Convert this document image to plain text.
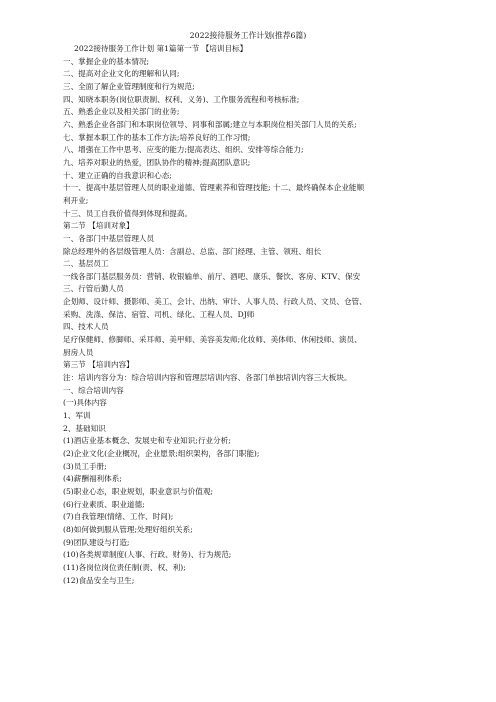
2022接待服务工作计划(推荐6篇)

2022接待服务工作计划 第1篇第一节 【培训目标】

一、掌握企业的基本情况;

二、提高对企业文化的理解和认同;

三、全面了解企业管理制度和行为规范;

四、知晓本职务(岗位职责制、权利、义务)、工作服务流程和考核标准;

五、熟悉企业以及相关部门的业务;

六、熟悉企业各部门和本职岗位领导、同事和部属;建立与本职岗位相关部门人员的关系;

七、掌握本职工作的基本工作方法;培养良好的工作习惯;

八、增强在工作中思考、应变的能力;提高表达、组织、安排等综合能力;

九、培养对职业的热爱，团队协作的精神;提高团队意识;

十、建立正确的自我意识和心态;

十一、提高中基层管理人员的职业道德、管理素养和管理技能; 十二、最终确保本企业能顺

利开业;

十三、员工自我价值得到体现和提高。

第二节 【培训对象】

一、各部门中基层管理人员

除总经理外的各层级管理人员：含副总、总监、部门经理、主管、领班、组长

二、基层员工

一线各部门基层服务员：营销、收银输单、前厅、酒吧、康乐、餐饮、客房、KTV、保安

三、行管后勤人员

企划师、设计师、摄影师、美工、会计、出纳、审计、人事人员、行政人员、文员、仓管、

采购、洗涤、保洁、宿管、司机、绿化、工程人员、DJ师

四、技术人员

足疗保健师、修脚师、采耳师、美甲师、美容美发师;化妆师、美体师、休闲技师、演员、

厨房人员

第三节 【培训内容】

注：培训内容分为：综合培训内容和管理层培训内容、各部门单独培训内容三大板块。

一、综合培训内容

(一)具体内容

1、军训

2、基础知识

(1)酒店业基本概念、发展史和专业知识;行业分析;

(2)企业文化(企业概况，企业愿景;组织架构，各部门职能);

(3)员工手册;

(4)薪酬福利体系;

(5)职业心态，职业规划，职业意识与价值观;

(6)行业素质、职业道德;

(7)自我管理(情绪、工作、时间);

(8)如何做到服从管理;处理好组织关系;

(9)团队建设与打造;

(10)各类规章制度(人事、行政、财务)、行为规范;

(11)各岗位岗位责任制(责、权、利);

(12)食品安全与卫生;
